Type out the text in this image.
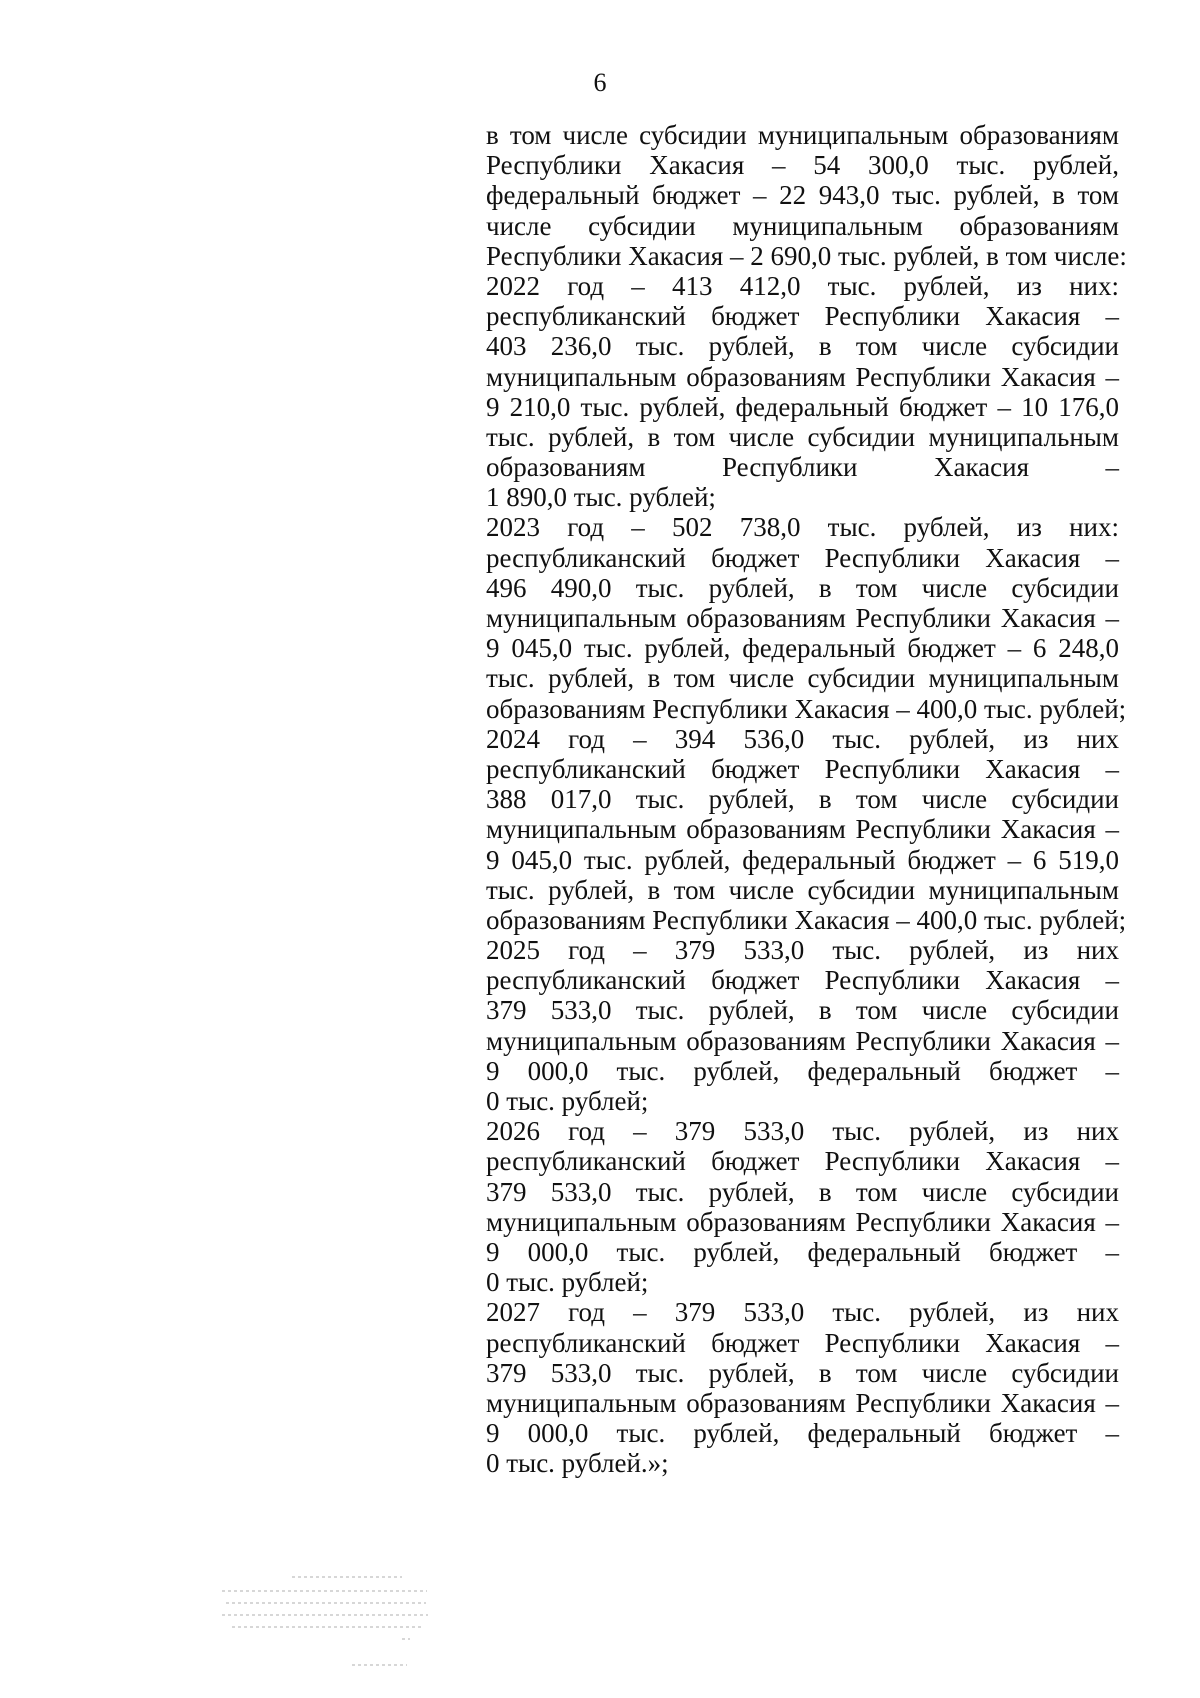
6
в том числе субсидии муниципальным образованиям
Республики Хакасия – 54 300,0 тыс. рублей,
федеральный бюджет – 22 943,0 тыс. рублей, в том
числе субсидии муниципальным образованиям
Республики Хакасия – 2 690,0 тыс. рублей, в том числе:
2022 год – 413 412,0 тыс. рублей, из них:
республиканский бюджет Республики Хакасия –
403 236,0 тыс. рублей, в том числе субсидии
муниципальным образованиям Республики Хакасия –
9 210,0 тыс. рублей, федеральный бюджет – 10 176,0
тыс. рублей, в том числе субсидии муниципальным
образованиям Республики Хакасия –
1 890,0 тыс. рублей;
2023 год – 502 738,0 тыс. рублей, из них:
республиканский бюджет Республики Хакасия –
496 490,0 тыс. рублей, в том числе субсидии
муниципальным образованиям Республики Хакасия –
9 045,0 тыс. рублей, федеральный бюджет – 6 248,0
тыс. рублей, в том числе субсидии муниципальным
образованиям Республики Хакасия – 400,0 тыс. рублей;
2024 год – 394 536,0 тыс. рублей, из них
республиканский бюджет Республики Хакасия –
388 017,0 тыс. рублей, в том числе субсидии
муниципальным образованиям Республики Хакасия –
9 045,0 тыс. рублей, федеральный бюджет – 6 519,0
тыс. рублей, в том числе субсидии муниципальным
образованиям Республики Хакасия – 400,0 тыс. рублей;
2025 год – 379 533,0 тыс. рублей, из них
республиканский бюджет Республики Хакасия –
379 533,0 тыс. рублей, в том числе субсидии
муниципальным образованиям Республики Хакасия –
9 000,0 тыс. рублей, федеральный бюджет –
0 тыс. рублей;
2026 год – 379 533,0 тыс. рублей, из них
республиканский бюджет Республики Хакасия –
379 533,0 тыс. рублей, в том числе субсидии
муниципальным образованиям Республики Хакасия –
9 000,0 тыс. рублей, федеральный бюджет –
0 тыс. рублей;
2027 год – 379 533,0 тыс. рублей, из них
республиканский бюджет Республики Хакасия –
379 533,0 тыс. рублей, в том числе субсидии
муниципальным образованиям Республики Хакасия –
9 000,0 тыс. рублей, федеральный бюджет –
0 тыс. рублей.»;
